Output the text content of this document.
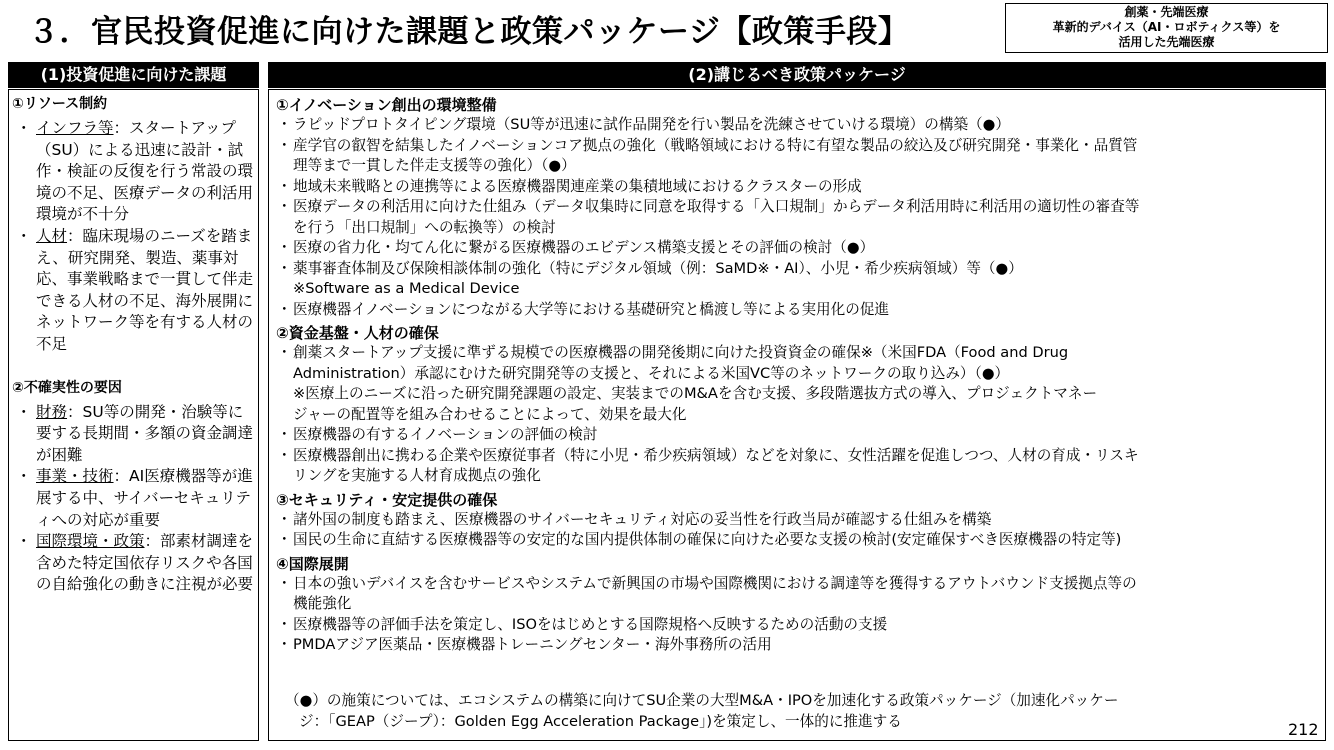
３．官民投資促進に向けた課題と政策パッケージ【政策手段】
創薬・先端医療
革新的デバイス（AI・ロボティクス等）を
活用した先端医療
(1)投資促進に向けた課題	(2)講じるべき政策パッケージ
①リソース制約
・ インフラ等：スタートアップ（SU）による迅速に設計・試作・検証の反復を行う常設の環境の不足、医療データの利活用環境が不十分
・ 人材：臨床現場のニーズを踏まえ、研究開発、製造、薬事対応、事業戦略まで一貫して伴走できる人材の不足、海外展開にネットワーク等を有する人材の不足
②不確実性の要因
・ 財務：SU等の開発・治験等に要する長期間・多額の資金調達が困難
・ 事業・技術：AI医療機器等が進展する中、サイバーセキュリティへの対応が重要
・ 国際環境・政策：部素材調達を含めた特定国依存リスクや各国の自給強化の動きに注視が必要
①イノベーション創出の環境整備
・ ラピッドプロトタイピング環境（SU等が迅速に試作品開発を行い製品を洗練させていける環境）の構築（●）
・ 産学官の叡智を結集したイノベーションコア拠点の強化（戦略領域における特に有望な製品の絞込及び研究開発・事業化・品質管
理等まで一貫した伴走支援等の強化）（●）
・ 地域未来戦略との連携等による医療機器関連産業の集積地域におけるクラスターの形成
・ 医療データの利活用に向けた仕組み（データ収集時に同意を取得する「入口規制」からデータ利活用時に利活用の適切性の審査等
を行う「出口規制」への転換等）の検討
・ 医療の省力化・均てん化に繋がる医療機器のエビデンス構築支援とその評価の検討（●）
・ 薬事審査体制及び保険相談体制の強化（特にデジタル領域（例：SaMD※・AI）、小児・希少疾病領域）等（●）
※Software as a Medical Device
・ 医療機器イノベーションにつながる大学等における基礎研究と橋渡し等による実用化の促進
②資金基盤・人材の確保
・ 創薬スタートアップ支援に準ずる規模での医療機器の開発後期に向けた投資資金の確保※（米国FDA（Food and Drug
Administration）承認にむけた研究開発等の支援と、それによる米国VC等のネットワークの取り込み）（●）
※医療上のニーズに沿った研究開発課題の設定、実装までのM&Aを含む支援、多段階選抜方式の導入、プロジェクトマネー
ジャーの配置等を組み合わせることによって、効果を最大化
・ 医療機器の有するイノベーションの評価の検討
・ 医療機器創出に携わる企業や医療従事者（特に小児・希少疾病領域）などを対象に、女性活躍を促進しつつ、人材の育成・リスキ
リングを実施する人材育成拠点の強化
③セキュリティ・安定提供の確保
・ 諸外国の制度も踏まえ、医療機器のサイバーセキュリティ対応の妥当性を行政当局が確認する仕組みを構築
・ 国民の生命に直結する医療機器等の安定的な国内提供体制の確保に向けた必要な支援の検討(安定確保すべき医療機器の特定等)
④国際展開
・ 日本の強いデバイスを含むサービスやシステムで新興国の市場や国際機関における調達等を獲得するアウトバウンド支援拠点等の
機能強化
・ 医療機器等の評価手法を策定し、ISOをはじめとする国際規格へ反映するための活動の支援
・ PMDAアジア医薬品・医療機器トレーニングセンター・海外事務所の活用
（●）の施策については、エコシステムの構築に向けてSU企業の大型M&A・IPOを加速化する政策パッケージ（加速化パッケー
ジ：「GEAP（ジープ）：Golden Egg Acceleration Package」)を策定し、一体的に推進する	212
